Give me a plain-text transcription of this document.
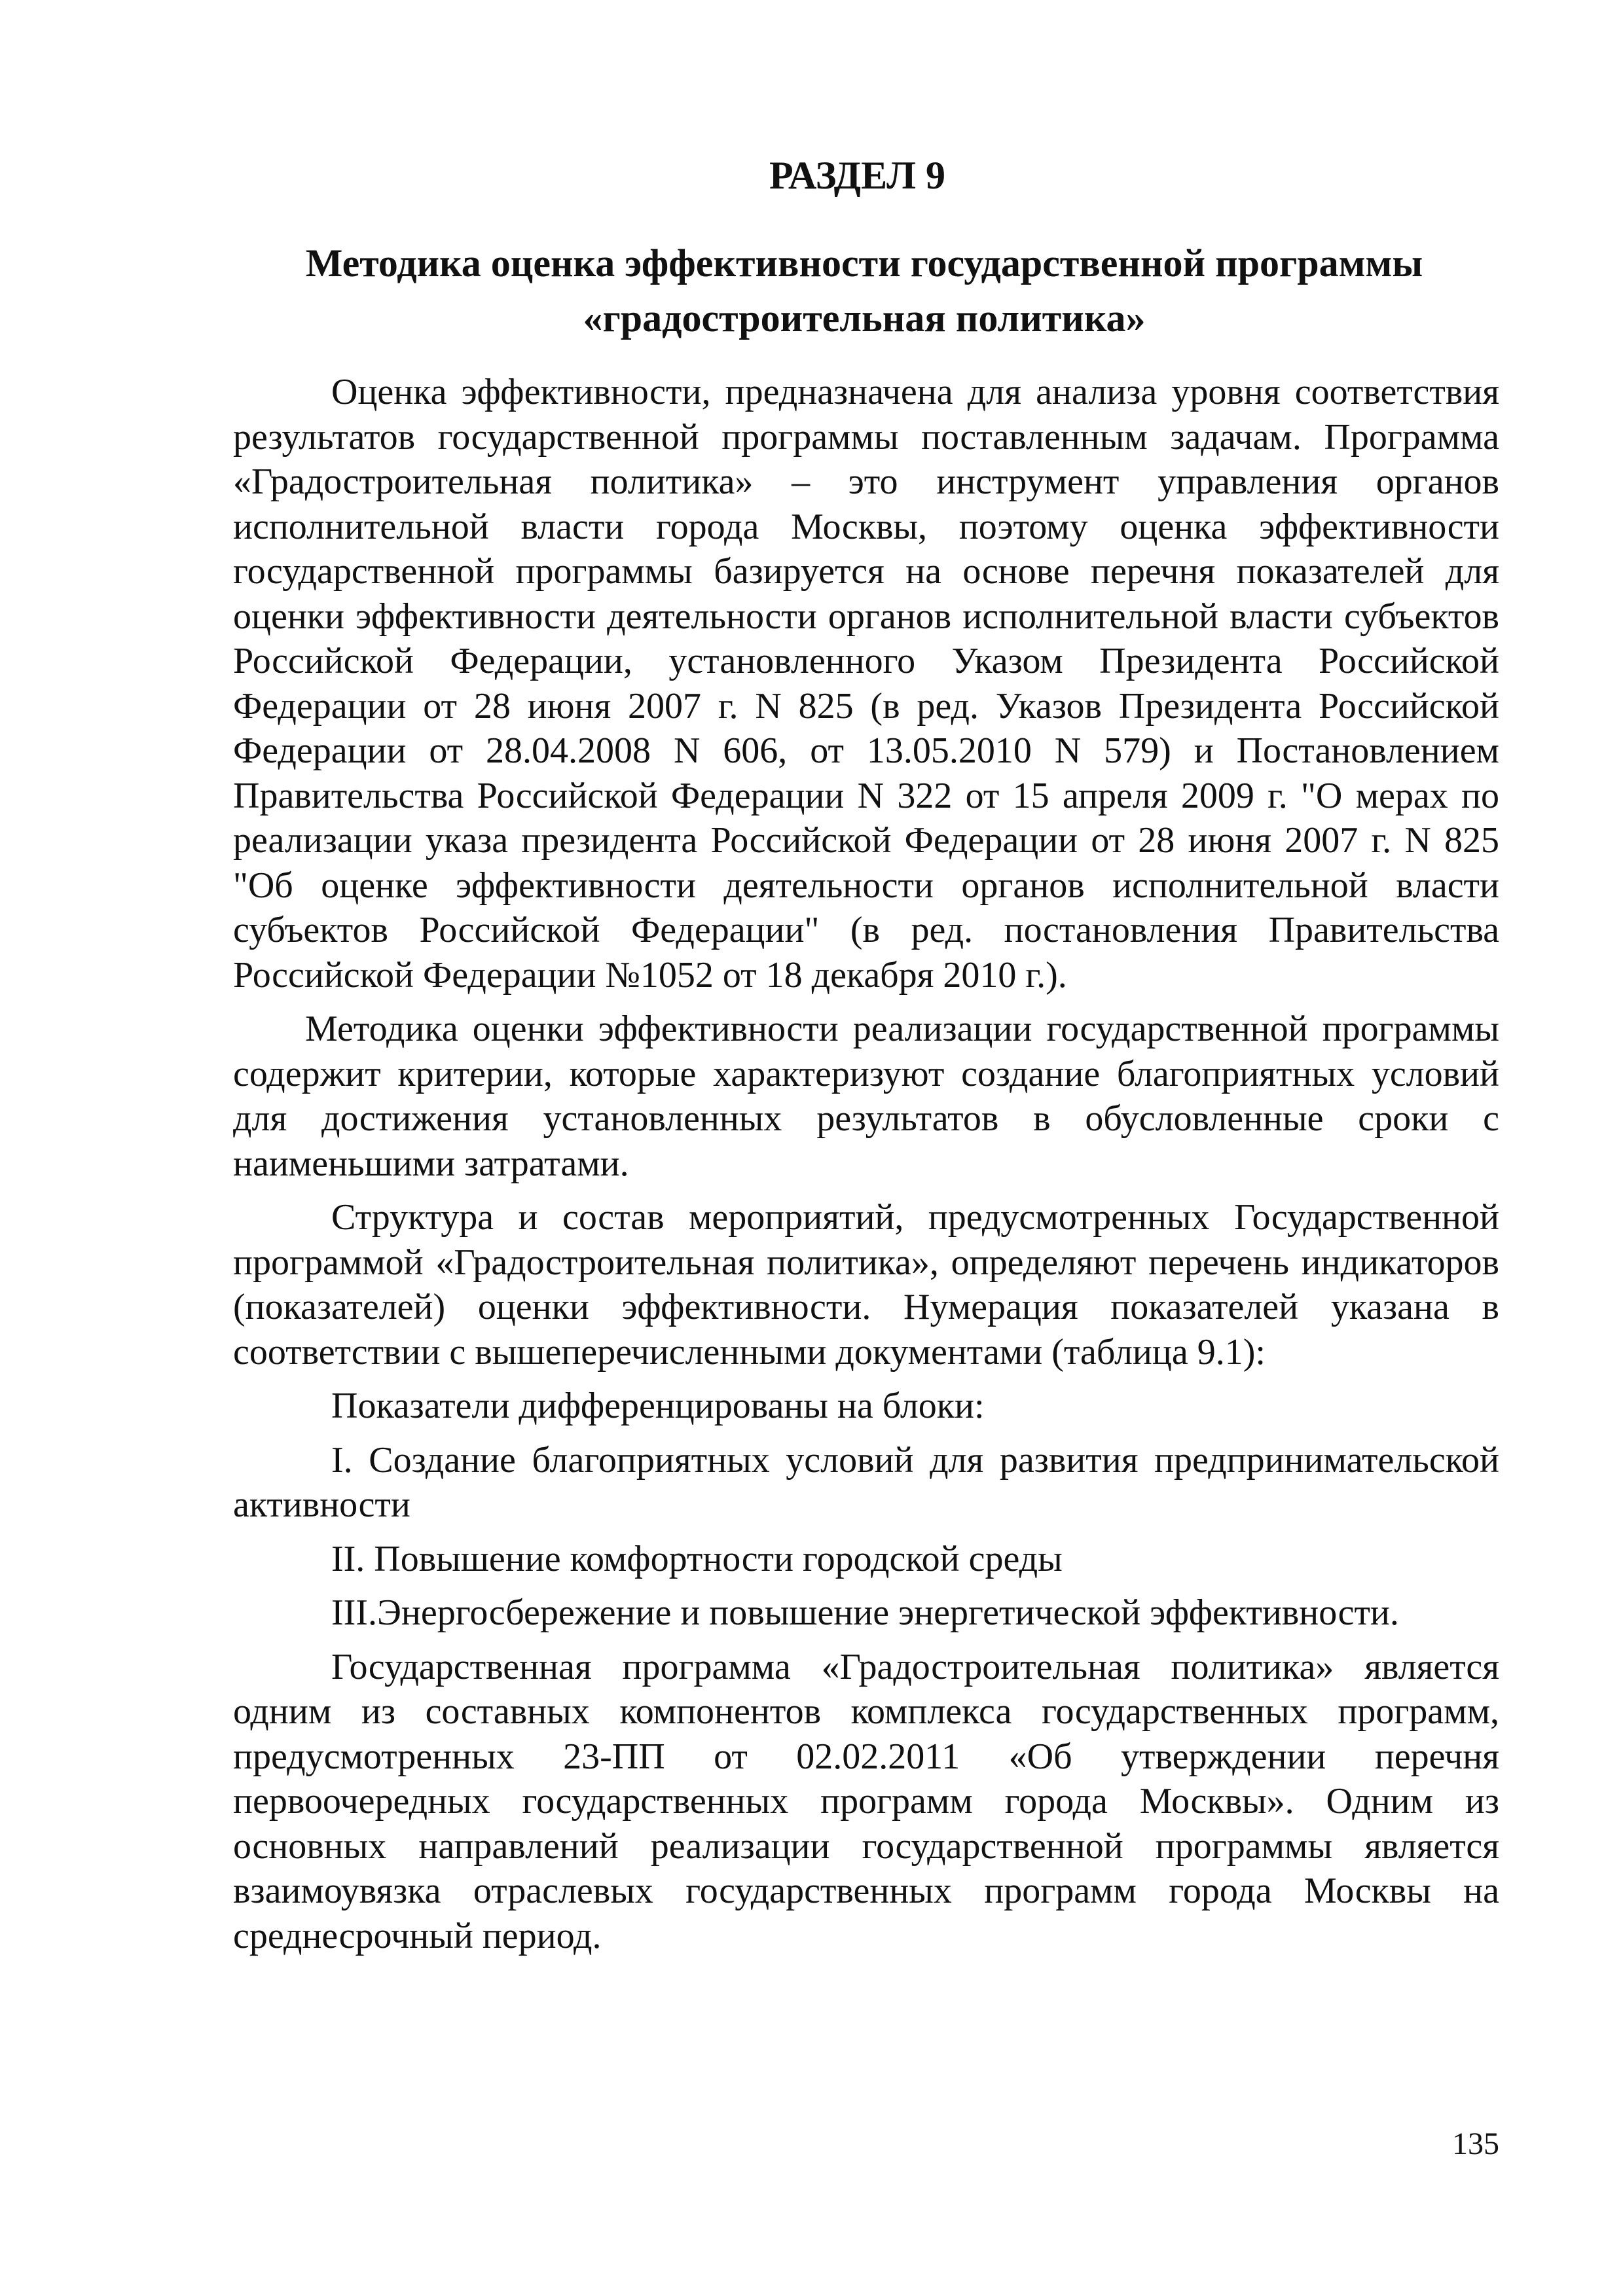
РАЗДЕЛ 9
Методика оценка эффективности государственной программы
«градостроительная политика»

Оценка эффективности, предназначена для анализа уровня соответствия результатов государственной программы поставленным задачам. Программа «Градостроительная политика» – это инструмент управления органов исполнительной власти города Москвы, поэтому оценка эффективности государственной программы базируется на основе перечня показателей для оценки эффективности деятельности органов исполнительной власти субъектов Российской Федерации, установленного Указом Президента Российской Федерации от 28 июня 2007 г. N 825 (в ред. Указов Президента Российской Федерации от 28.04.2008 N 606, от 13.05.2010 N 579) и Постановлением Правительства Российской Федерации N 322 от 15 апреля 2009 г. "О мерах по реализации указа президента Российской Федерации от 28 июня 2007 г. N 825 "Об оценке эффективности деятельности органов исполнительной власти субъектов Российской Федерации" (в ред. постановления Правительства Российской Федерации №1052 от 18 декабря 2010 г.).

Методика оценки эффективности реализации государственной программы содержит критерии, которые характеризуют создание благоприятных условий для достижения установленных результатов в обусловленные сроки с наименьшими затратами.

Структура и состав мероприятий, предусмотренных Государственной программой «Градостроительная политика», определяют перечень индикаторов (показателей) оценки эффективности. Нумерация показателей указана в соответствии с вышеперечисленными документами (таблица 9.1):

Показатели дифференцированы на блоки:

I. Создание благоприятных условий для развития предпринимательской активности

II. Повышение комфортности городской среды

III.Энергосбережение и повышение энергетической эффективности.

Государственная программа «Градостроительная политика» является одним из составных компонентов комплекса государственных программ, предусмотренных 23-ПП от 02.02.2011 «Об утверждении перечня первоочередных государственных программ города Москвы». Одним из основных направлений реализации государственной программы является взаимоувязка отраслевых государственных программ города Москвы на среднесрочный период.

135
